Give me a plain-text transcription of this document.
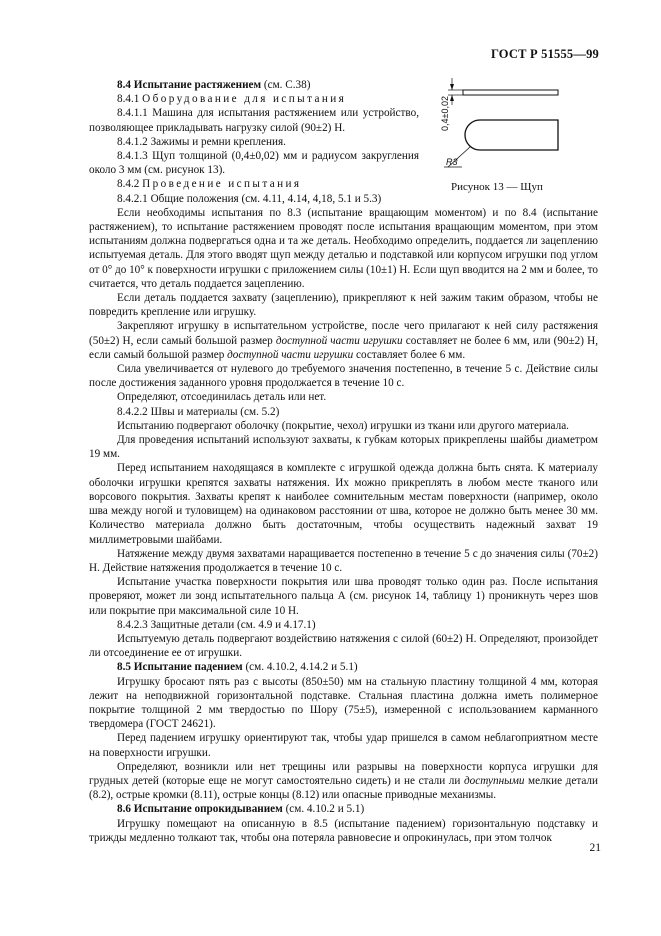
ГОСТ Р 51555—99
0,4±0,02
R3
Рисунок 13 — Щуп

8.4 Испытание растяжением (см. С.38)

8.4.1 Оборудование для испытания

8.4.1.1 Машина для испытания растяжением или устройство, позволяющее прикладывать нагрузку силой (90±2) Н.

8.4.1.2 Зажимы и ремни крепления.

8.4.1.3 Щуп толщиной (0,4±0,02) мм и радиусом закругления около 3 мм (см. рисунок 13).

8.4.2 Проведение испытания

8.4.2.1 Общие положения (см. 4.11, 4.14, 4,18, 5.1 и 5.3)

Если необходимы испытания по 8.3 (испытание вращающим моментом) и по 8.4 (испытание растяжением), то испытание растяжением проводят после испытания вращающим моментом, при этом испытаниям должна подвергаться одна и та же деталь. Необходимо определить, поддается ли зацеплению испытуемая деталь. Для этого вводят щуп между деталью и подставкой или корпусом игрушки под углом от 0° до 10° к поверхности игрушки с приложением силы (10±1) Н. Если щуп вводится на 2 мм и более, то считается, что деталь поддается зацеплению.

Если деталь поддается захвату (зацеплению), прикрепляют к ней зажим таким образом, чтобы не повредить крепление или игрушку.

Закрепляют игрушку в испытательном устройстве, после чего прилагают к ней силу растяжения (50±2) Н, если самый большой размер доступной части игрушки составляет не более 6 мм, или (90±2) Н, если самый большой размер доступной части игрушки составляет более 6 мм.

Сила увеличивается от нулевого до требуемого значения постепенно, в течение 5 с. Действие силы после достижения заданного уровня продолжается в течение 10 с.

Определяют, отсоединилась деталь или нет.

8.4.2.2 Швы и материалы (см. 5.2)

Испытанию подвергают оболочку (покрытие, чехол) игрушки из ткани или другого материала.

Для проведения испытаний используют захваты, к губкам которых прикреплены шайбы диаметром 19 мм.

Перед испытанием находящаяся в комплекте с игрушкой одежда должна быть снята. К материалу оболочки игрушки крепятся захваты натяжения. Их можно прикреплять в любом месте тканого или ворсового покрытия. Захваты крепят к наиболее сомнительным местам поверхности (например, около шва между ногой и туловищем) на одинаковом расстоянии от шва, которое не должно быть менее 30 мм. Количество материала должно быть достаточным, чтобы осуществить надежный захват 19 миллиметровыми шайбами.

Натяжение между двумя захватами наращивается постепенно в течение 5 с до значения силы (70±2) Н. Действие натяжения продолжается в течение 10 с.

Испытание участка поверхности покрытия или шва проводят только один раз. После испытания проверяют, может ли зонд испытательного пальца А (см. рисунок 14, таблицу 1) проникнуть через шов или покрытие при максимальной силе 10 Н.

8.4.2.3 Защитные детали (см. 4.9 и 4.17.1)

Испытуемую деталь подвергают воздействию натяжения с силой (60±2) Н. Определяют, произойдет ли отсоединение ее от игрушки.

8.5 Испытание падением (см. 4.10.2, 4.14.2 и 5.1)

Игрушку бросают пять раз с высоты (850±50) мм на стальную пластину толщиной 4 мм, которая лежит на неподвижной горизонтальной подставке. Стальная пластина должна иметь полимерное покрытие толщиной 2 мм твердостью по Шору (75±5), измеренной с использованием карманного твердомера (ГОСТ 24621).

Перед падением игрушку ориентируют так, чтобы удар пришелся в самом неблагоприятном месте на поверхности игрушки.

Определяют, возникли или нет трещины или разрывы на поверхности корпуса игрушки для грудных детей (которые еще не могут самостоятельно сидеть) и не стали ли доступными мелкие детали (8.2), острые кромки (8.11), острые концы (8.12) или опасные приводные механизмы.

8.6 Испытание опрокидыванием (см. 4.10.2 и 5.1)

Игрушку помещают на описанную в 8.5 (испытание падением) горизонтальную подставку и трижды медленно толкают так, чтобы она потеряла равновесие и опрокинулась, при этом толчок

21
